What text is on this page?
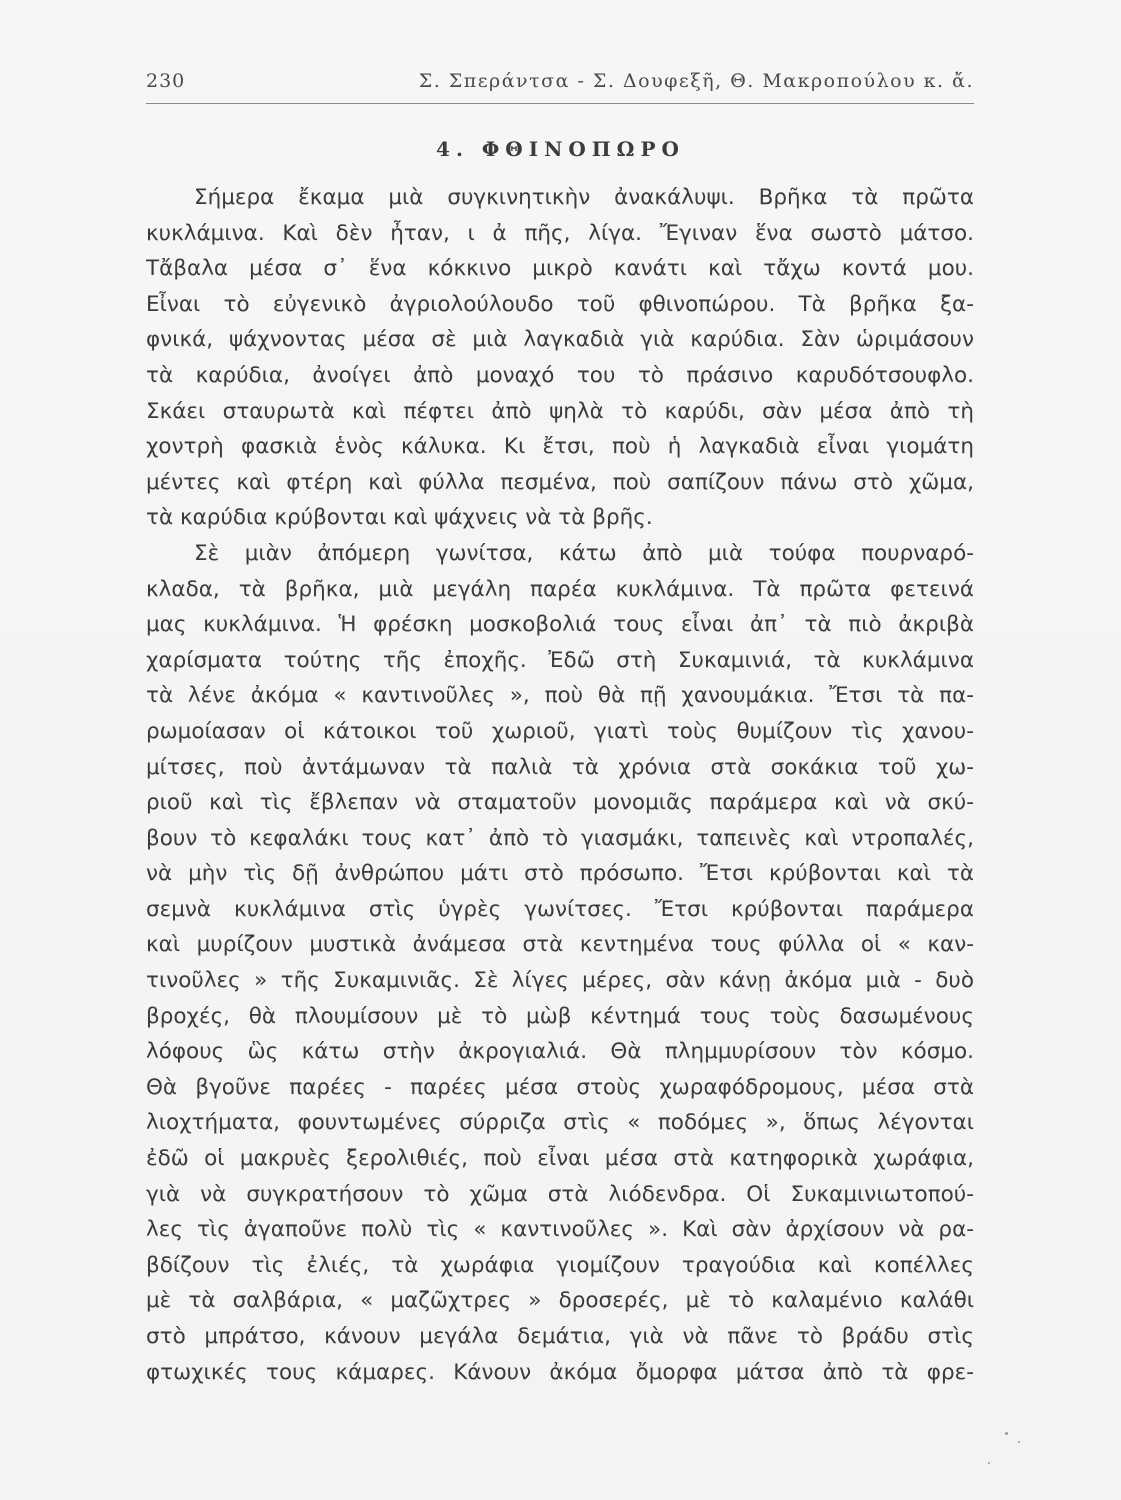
230	Σ. Σπεράντσα - Σ. Δουφεξῆ, Θ. Μακροπούλου κ. ἄ.
4. ΦΘΙΝΟΠΩΡΟ
Σήμερα ἔκαμα μιὰ συγκινητικὴν ἀνακάλυψι. Βρῆκα τὰ πρῶτα
κυκλάμινα. Καὶ δὲν ἦταν, ι ἀ πῆς, λίγα. Ἔγιναν ἕνα σωστὸ μάτσο.
Τἄβαλα μέσα σ᾽ ἕνα κόκκινο μικρὸ κανάτι καὶ τἄχω κοντά μου.
Εἶναι τὸ εὐγενικὸ ἀγριολούλουδο τοῦ φθινοπώρου. Τὰ βρῆκα ξα-
φνικά, ψάχνοντας μέσα σὲ μιὰ λαγκαδιὰ γιὰ καρύδια. Σὰν ὡριμάσουν
τὰ καρύδια, ἀνοίγει ἀπὸ μοναχό του τὸ πράσινο καρυδότσουφλο.
Σκάει σταυρωτὰ καὶ πέφτει ἀπὸ ψηλὰ τὸ καρύδι, σὰν μέσα ἀπὸ τὴ
χοντρὴ φασκιὰ ἑνὸς κάλυκα. Κι ἔτσι, ποὺ ἡ λαγκαδιὰ εἶναι γιομάτη
μέντες καὶ φτέρη καὶ φύλλα πεσμένα, ποὺ σαπίζουν πάνω στὸ χῶμα,
τὰ καρύδια κρύβονται καὶ ψάχνεις νὰ τὰ βρῆς.
Σὲ μιὰν ἀπόμερη γωνίτσα, κάτω ἀπὸ μιὰ τούφα πουρναρό-
κλαδα, τὰ βρῆκα, μιὰ μεγάλη παρέα κυκλάμινα. Τὰ πρῶτα φετεινά
μας κυκλάμινα. Ἡ φρέσκη μοσκοβολιά τους εἶναι ἀπ᾽ τὰ πιὸ ἀκριβὰ
χαρίσματα τούτης τῆς ἐποχῆς. Ἐδῶ στὴ Συκαμινιά, τὰ κυκλάμινα
τὰ λένε ἀκόμα « καντινοῦλες », ποὺ θὰ πῇ χανουμάκια. Ἔτσι τὰ πα-
ρωμοίασαν οἱ κάτοικοι τοῦ χωριοῦ, γιατὶ τοὺς θυμίζουν τὶς χανου-
μίτσες, ποὺ ἀντάμωναν τὰ παλιὰ τὰ χρόνια στὰ σοκάκια τοῦ χω-
ριοῦ καὶ τὶς ἔβλεπαν νὰ σταματοῦν μονομιᾶς παράμερα καὶ νὰ σκύ-
βουν τὸ κεφαλάκι τους κατ᾽ ἀπὸ τὸ γιασμάκι, ταπεινὲς καὶ ντροπαλές,
νὰ μὴν τὶς δῇ ἀνθρώπου μάτι στὸ πρόσωπο. Ἔτσι κρύβονται καὶ τὰ
σεμνὰ κυκλάμινα στὶς ὑγρὲς γωνίτσες. Ἔτσι κρύβονται παράμερα
καὶ μυρίζουν μυστικὰ ἀνάμεσα στὰ κεντημένα τους φύλλα οἱ « καν-
τινοῦλες » τῆς Συκαμινιᾶς. Σὲ λίγες μέρες, σὰν κάνῃ ἀκόμα μιὰ - δυὸ
βροχές, θὰ πλουμίσουν μὲ τὸ μὼβ κέντημά τους τοὺς δασωμένους
λόφους ὣς κάτω στὴν ἀκρογιαλιά. Θὰ πλημμυρίσουν τὸν κόσμο.
Θὰ βγοῦνε παρέες - παρέες μέσα στοὺς χωραφόδρομους, μέσα στὰ
λιοχτήματα, φουντωμένες σύρριζα στὶς « ποδόμες », ὅπως λέγονται
ἐδῶ οἱ μακρυὲς ξερολιθιές, ποὺ εἶναι μέσα στὰ κατηφορικὰ χωράφια,
γιὰ νὰ συγκρατήσουν τὸ χῶμα στὰ λιόδενδρα. Οἱ Συκαμινιωτοπού-
λες τὶς ἀγαποῦνε πολὺ τὶς « καντινοῦλες ». Καὶ σὰν ἀρχίσουν νὰ ρα-
βδίζουν τὶς ἐλιές, τὰ χωράφια γιομίζουν τραγούδια καὶ κοπέλλες
μὲ τὰ σαλβάρια, « μαζῶχτρες » δροσερές, μὲ τὸ καλαμένιο καλάθι
στὸ μπράτσο, κάνουν μεγάλα δεμάτια, γιὰ νὰ πᾶνε τὸ βράδυ στὶς
φτωχικές τους κάμαρες. Κάνουν ἀκόμα ὄμορφα μάτσα ἀπὸ τὰ φρε-
